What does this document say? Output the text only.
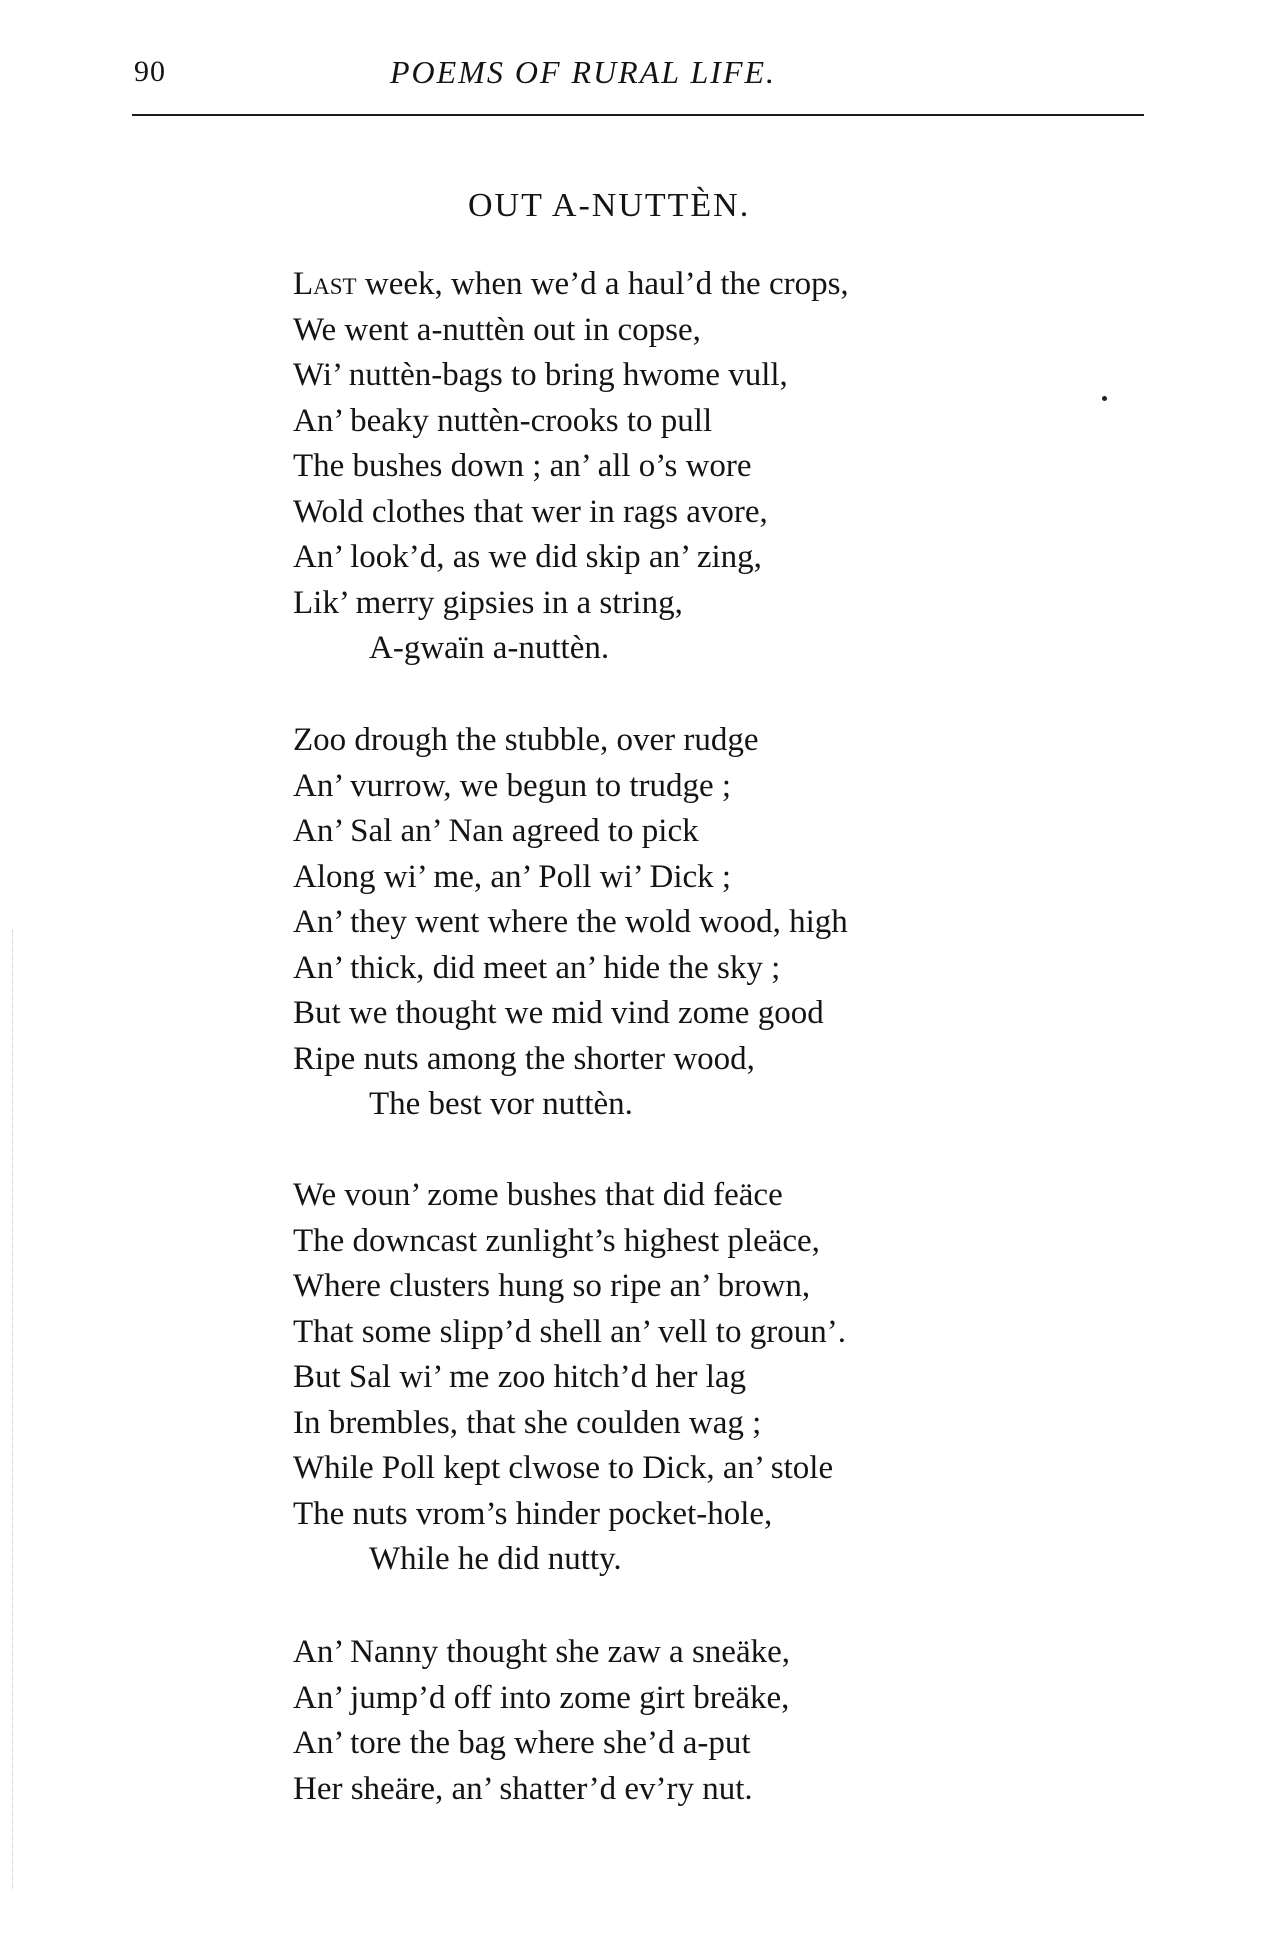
90	POEMS OF RURAL LIFE.
OUT A-NUTTÈN.
Last week, when we’d a haul’d the crops,
We went a-nuttèn out in copse,
Wi’ nuttèn-bags to bring hwome vull,
An’ beaky nuttèn-crooks to pull
The bushes down ; an’ all o’s wore
Wold clothes that wer in rags avore,
An’ look’d, as we did skip an’ zing,
Lik’ merry gipsies in a string,
A-gwaïn a-nuttèn.
Zoo drough the stubble, over rudge
An’ vurrow, we begun to trudge ;
An’ Sal an’ Nan agreed to pick
Along wi’ me, an’ Poll wi’ Dick ;
An’ they went where the wold wood, high
An’ thick, did meet an’ hide the sky ;
But we thought we mid vind zome good
Ripe nuts among the shorter wood,
The best vor nuttèn.
We voun’ zome bushes that did feäce
The downcast zunlight’s highest pleäce,
Where clusters hung so ripe an’ brown,
That some slipp’d shell an’ vell to groun’.
But Sal wi’ me zoo hitch’d her lag
In brembles, that she coulden wag ;
While Poll kept clwose to Dick, an’ stole
The nuts vrom’s hinder pocket-hole,
While he did nutty.
An’ Nanny thought she zaw a sneäke,
An’ jump’d off into zome girt breäke,
An’ tore the bag where she’d a-put
Her sheäre, an’ shatter’d ev’ry nut.
